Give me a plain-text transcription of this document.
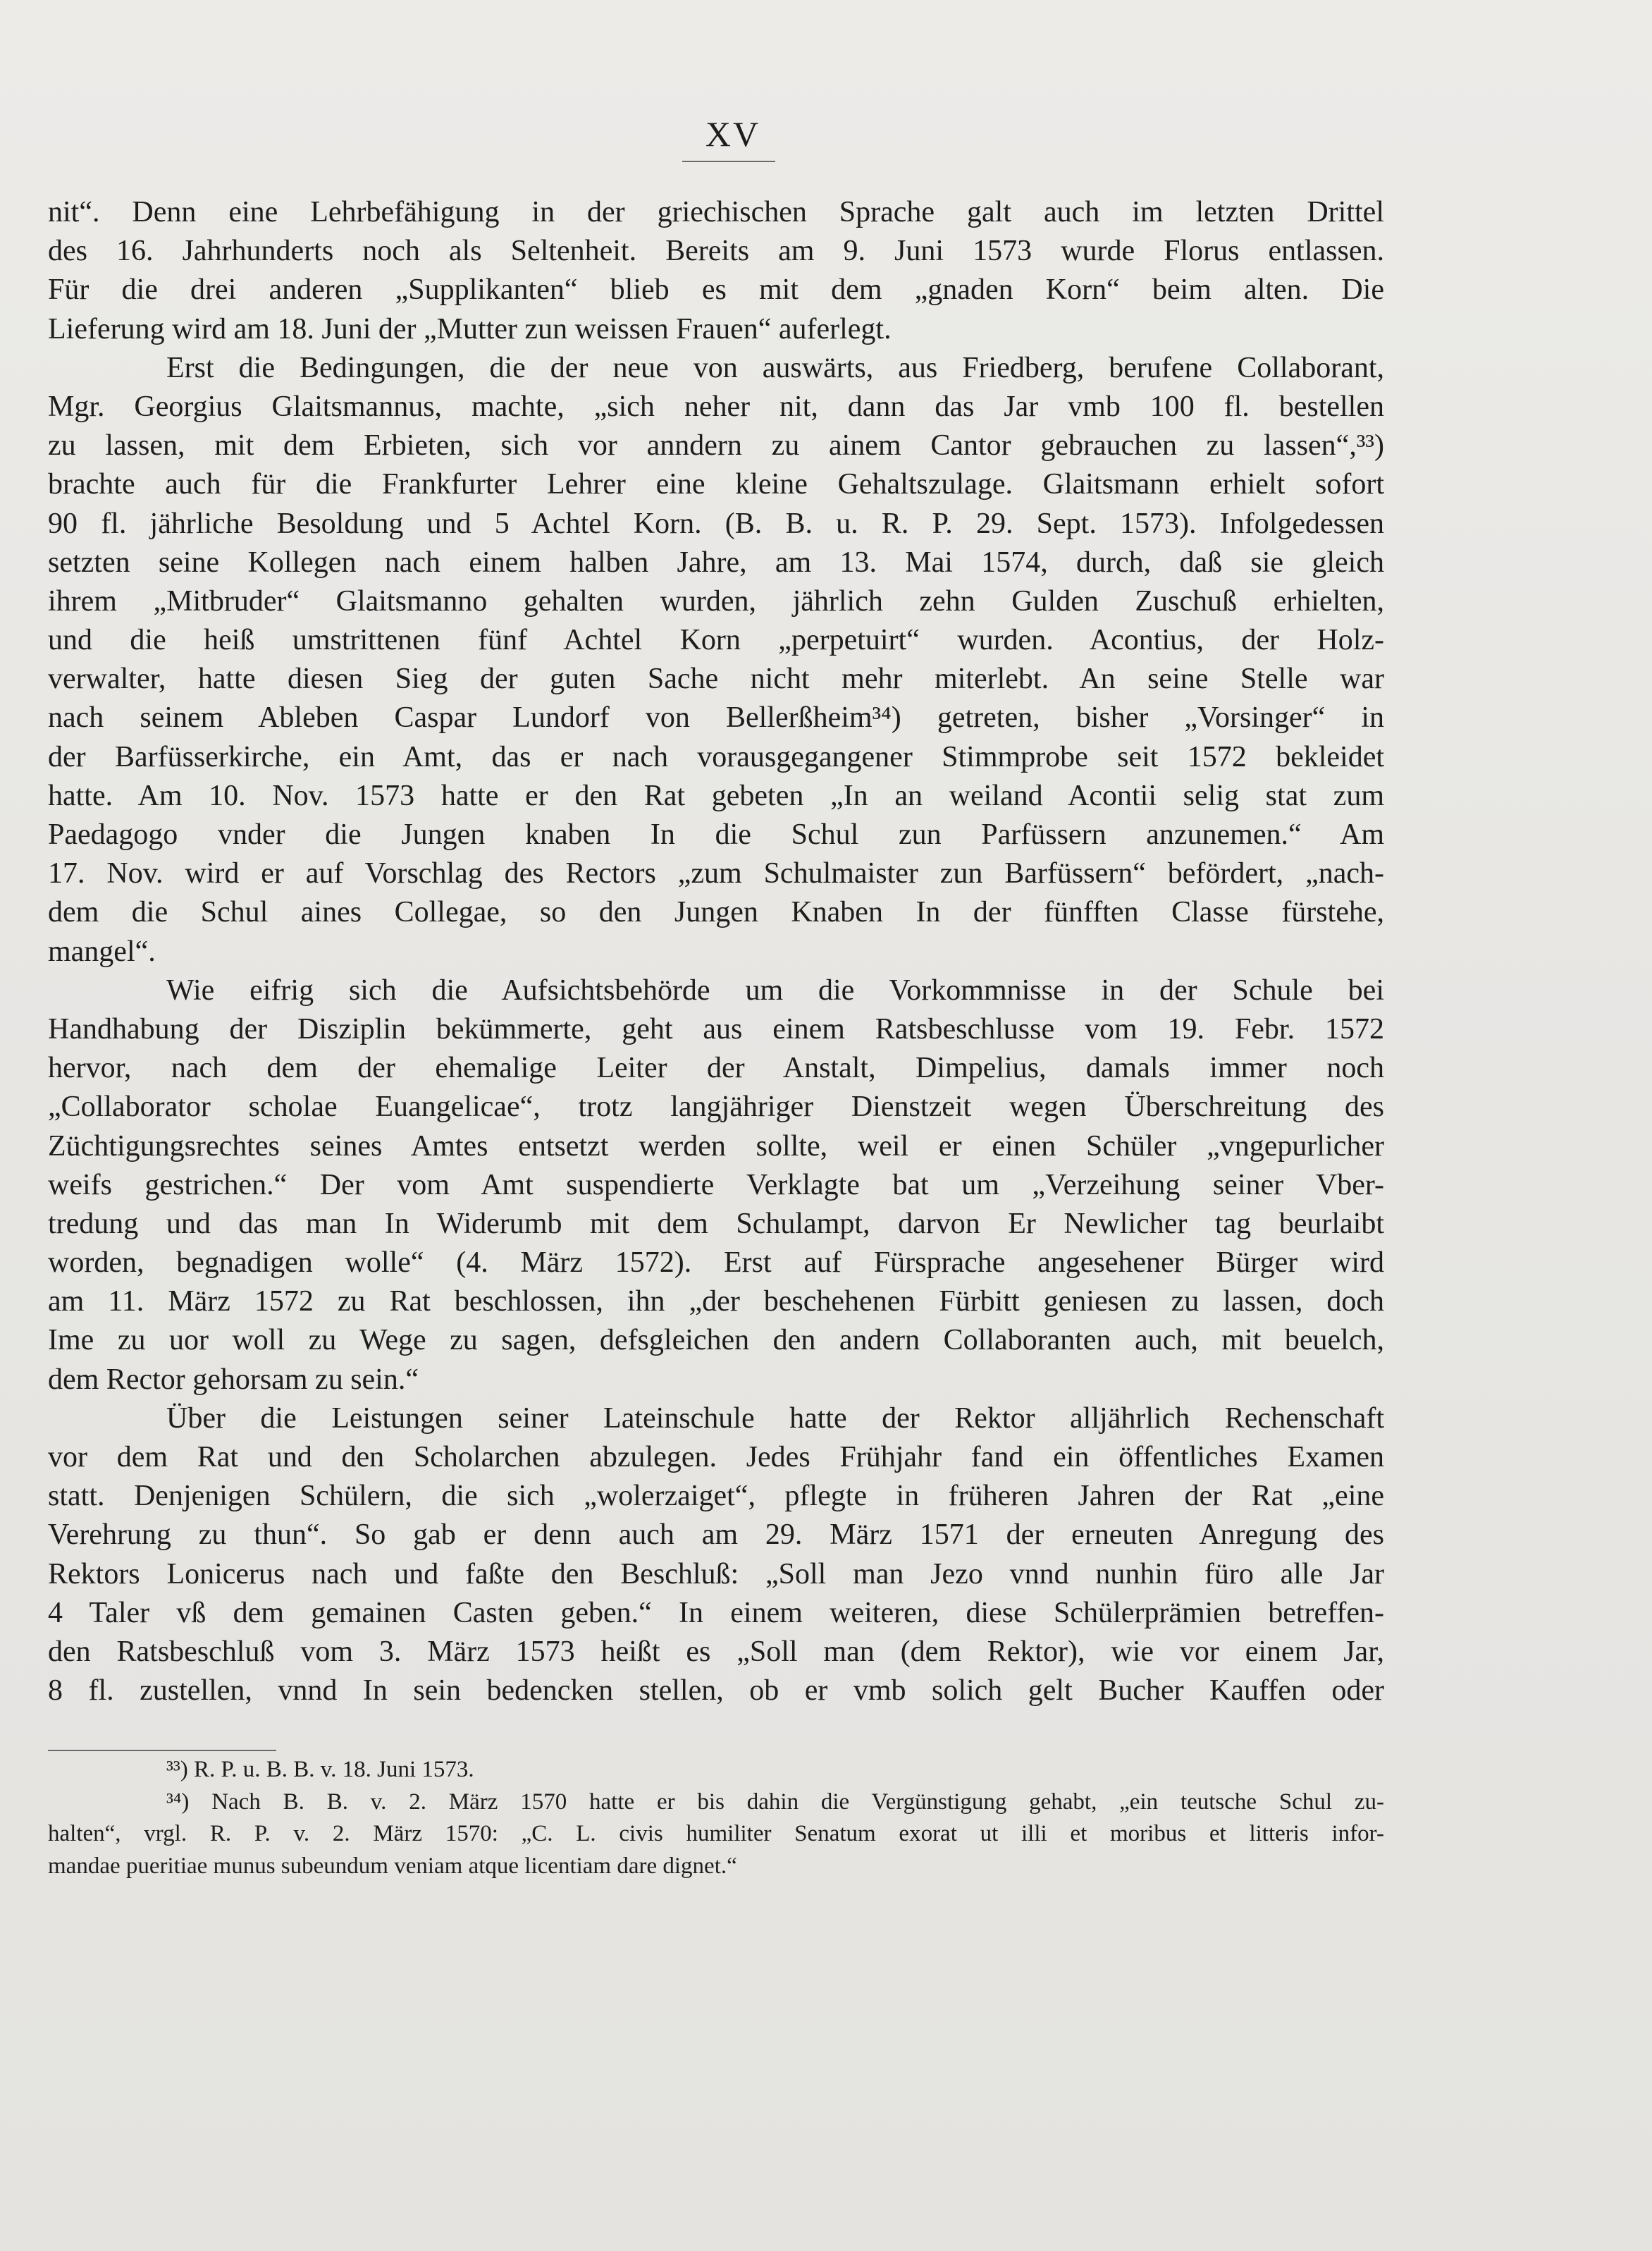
XV
nit“. Denn eine Lehrbefähigung in der griechischen Sprache galt auch im letzten Drittel
des 16. Jahrhunderts noch als Seltenheit. Bereits am 9. Juni 1573 wurde Florus entlassen.
Für die drei anderen „Supplikanten“ blieb es mit dem „gnaden Korn“ beim alten. Die
Lieferung wird am 18. Juni der „Mutter zun weissen Frauen“ auferlegt.
Erst die Bedingungen, die der neue von auswärts, aus Friedberg, berufene Collaborant,
Mgr. Georgius Glaitsmannus, machte, „sich neher nit, dann das Jar vmb 100 fl. bestellen
zu lassen, mit dem Erbieten, sich vor anndern zu ainem Cantor gebrauchen zu lassen“,³³)
brachte auch für die Frankfurter Lehrer eine kleine Gehaltszulage. Glaitsmann erhielt sofort
90 fl. jährliche Besoldung und 5 Achtel Korn. (B. B. u. R. P. 29. Sept. 1573). Infolgedessen
setzten seine Kollegen nach einem halben Jahre, am 13. Mai 1574, durch, daß sie gleich
ihrem „Mitbruder“ Glaitsmanno gehalten wurden, jährlich zehn Gulden Zuschuß erhielten,
und die heiß umstrittenen fünf Achtel Korn „perpetuirt“ wurden. Acontius, der Holz-
verwalter, hatte diesen Sieg der guten Sache nicht mehr miterlebt. An seine Stelle war
nach seinem Ableben Caspar Lundorf von Bellerßheim³⁴) getreten, bisher „Vorsinger“ in
der Barfüsserkirche, ein Amt, das er nach vorausgegangener Stimmprobe seit 1572 bekleidet
hatte. Am 10. Nov. 1573 hatte er den Rat gebeten „In an weiland Acontii selig stat zum
Paedagogo vnder die Jungen knaben In die Schul zun Parfüssern anzunemen.“ Am
17. Nov. wird er auf Vorschlag des Rectors „zum Schulmaister zun Barfüssern“ befördert, „nach-
dem die Schul aines Collegae, so den Jungen Knaben In der fünfften Classe fürstehe,
mangel“.
Wie eifrig sich die Aufsichtsbehörde um die Vorkommnisse in der Schule bei
Handhabung der Disziplin bekümmerte, geht aus einem Ratsbeschlusse vom 19. Febr. 1572
hervor, nach dem der ehemalige Leiter der Anstalt, Dimpelius, damals immer noch
„Collaborator scholae Euangelicae“, trotz langjähriger Dienstzeit wegen Überschreitung des
Züchtigungsrechtes seines Amtes entsetzt werden sollte, weil er einen Schüler „vngepurlicher
weifs gestrichen.“ Der vom Amt suspendierte Verklagte bat um „Verzeihung seiner Vber-
tredung und das man In Widerumb mit dem Schulampt, darvon Er Newlicher tag beurlaibt
worden, begnadigen wolle“ (4. März 1572). Erst auf Fürsprache angesehener Bürger wird
am 11. März 1572 zu Rat beschlossen, ihn „der beschehenen Fürbitt geniesen zu lassen, doch
Ime zu uor woll zu Wege zu sagen, defsgleichen den andern Collaboranten auch, mit beuelch,
dem Rector gehorsam zu sein.“
Über die Leistungen seiner Lateinschule hatte der Rektor alljährlich Rechenschaft
vor dem Rat und den Scholarchen abzulegen. Jedes Frühjahr fand ein öffentliches Examen
statt. Denjenigen Schülern, die sich „wolerzaiget“, pflegte in früheren Jahren der Rat „eine
Verehrung zu thun“. So gab er denn auch am 29. März 1571 der erneuten Anregung des
Rektors Lonicerus nach und faßte den Beschluß: „Soll man Jezo vnnd nunhin füro alle Jar
4 Taler vß dem gemainen Casten geben.“ In einem weiteren, diese Schülerprämien betreffen-
den Ratsbeschluß vom 3. März 1573 heißt es „Soll man (dem Rektor), wie vor einem Jar,
8 fl. zustellen, vnnd In sein bedencken stellen, ob er vmb solich gelt Bucher Kauffen oder
³³) R. P. u. B. B. v. 18. Juni 1573.
³⁴) Nach B. B. v. 2. März 1570 hatte er bis dahin die Vergünstigung gehabt, „ein teutsche Schul zu-
halten“, vrgl. R. P. v. 2. März 1570: „C. L. civis humiliter Senatum exorat ut illi et moribus et litteris infor-
mandae pueritiae munus subeundum veniam atque licentiam dare dignet.“
